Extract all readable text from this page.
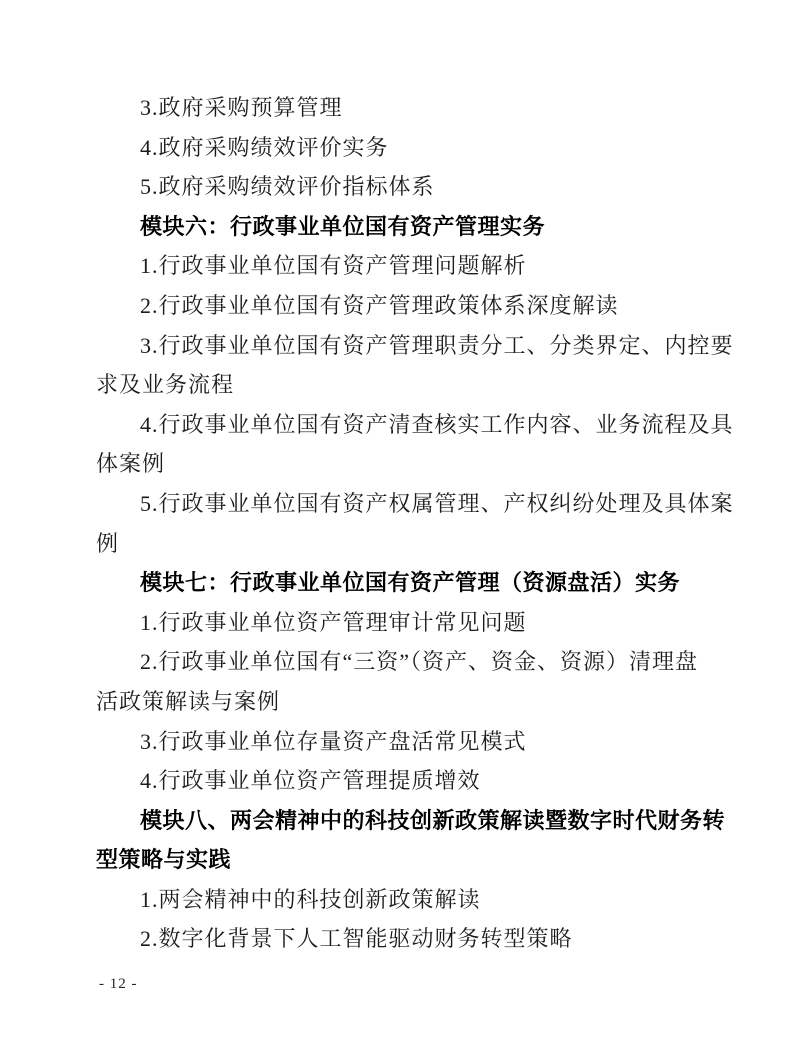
3.政府采购预算管理
4.政府采购绩效评价实务
5.政府采购绩效评价指标体系
模块六：行政事业单位国有资产管理实务
1.行政事业单位国有资产管理问题解析
2.行政事业单位国有资产管理政策体系深度解读
3.行政事业单位国有资产管理职责分工、分类界定、内控要
求及业务流程
4.行政事业单位国有资产清查核实工作内容、业务流程及具
体案例
5.行政事业单位国有资产权属管理、产权纠纷处理及具体案
例
模块七：行政事业单位国有资产管理（资源盘活）实务
1.行政事业单位资产管理审计常见问题
2.行政事业单位国有“三资”（资产、资金、资源）清理盘
活政策解读与案例
3.行政事业单位存量资产盘活常见模式
4.行政事业单位资产管理提质增效
模块八、两会精神中的科技创新政策解读暨数字时代财务转
型策略与实践
1.两会精神中的科技创新政策解读
2.数字化背景下人工智能驱动财务转型策略
- 12 -
